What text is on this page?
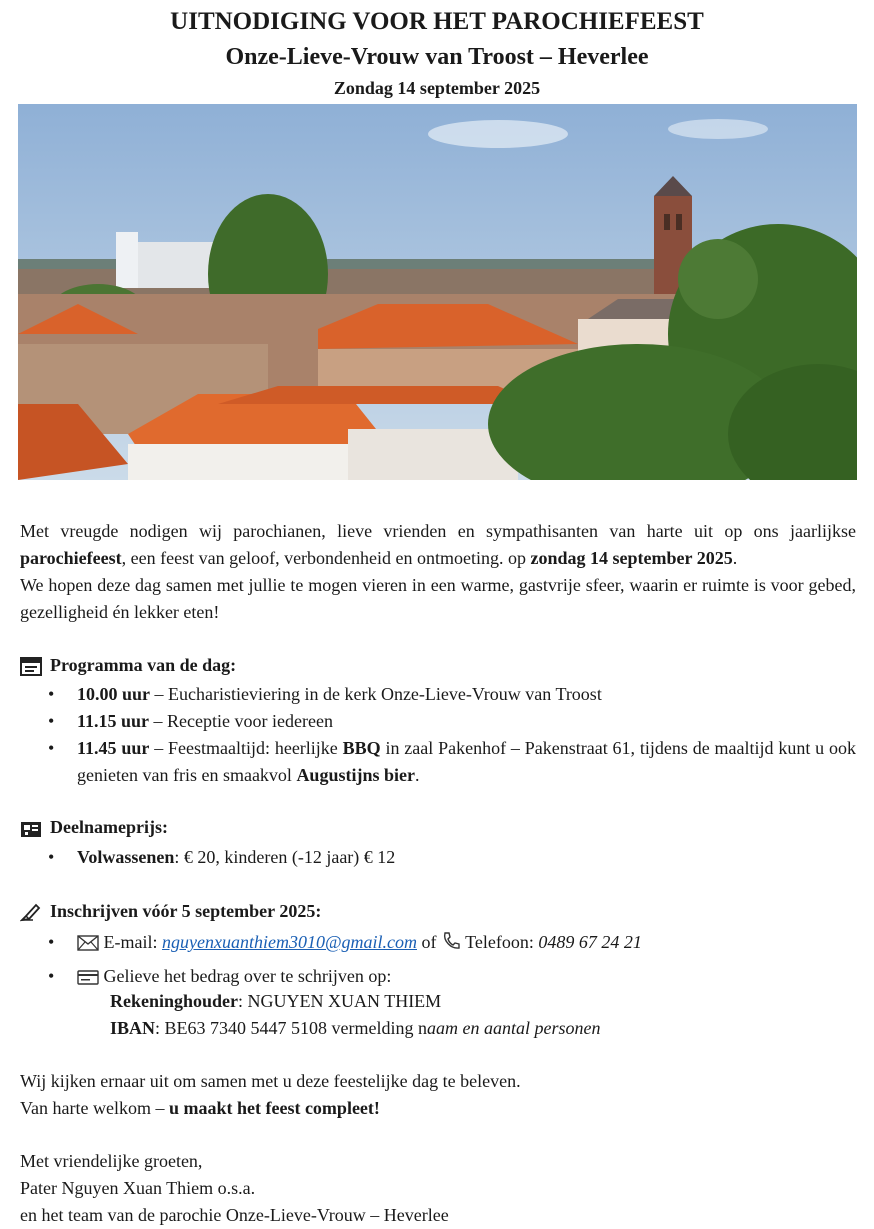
UITNODIGING VOOR HET PAROCHIEFEEST
Onze-Lieve-Vrouw van Troost – Heverlee
Zondag 14 september 2025
Met vreugde nodigen wij parochianen, lieve vrienden en sympathisanten van harte uit op ons jaarlijkse parochiefeest, een feest van geloof, verbondenheid en ontmoeting. op zondag 14 september 2025.
We hopen deze dag samen met jullie te mogen vieren in een warme, gastvrije sfeer, waarin er ruimte is voor gebed, gezelligheid én lekker eten!
Programma van de dag:
• 10.00 uur – Eucharistieviering in de kerk Onze-Lieve-Vrouw van Troost
• 11.15 uur – Receptie voor iedereen
• 11.45 uur – Feestmaaltijd: heerlijke BBQ in zaal Pakenhof – Pakenstraat 61, tijdens de maaltijd kunt u ook genieten van fris en smaakvol Augustijns bier.
Deelnameprijs:
• Volwassenen: € 20, kinderen (-12 jaar) € 12
Inschrijven vóór 5 september 2025:
• E-mail: nguyenxuanthiem3010@gmail.com of  Telefoon: 0489 67 24 21
• Gelieve het bedrag over te schrijven op:
Rekeninghouder: NGUYEN XUAN THIEM
IBAN: BE63 7340 5447 5108 vermelding naam en aantal personen
Wij kijken ernaar uit om samen met u deze feestelijke dag te beleven.
Van harte welkom – u maakt het feest compleet!
Met vriendelijke groeten,
Pater Nguyen Xuan Thiem o.s.a.
en het team van de parochie Onze-Lieve-Vrouw – Heverlee
